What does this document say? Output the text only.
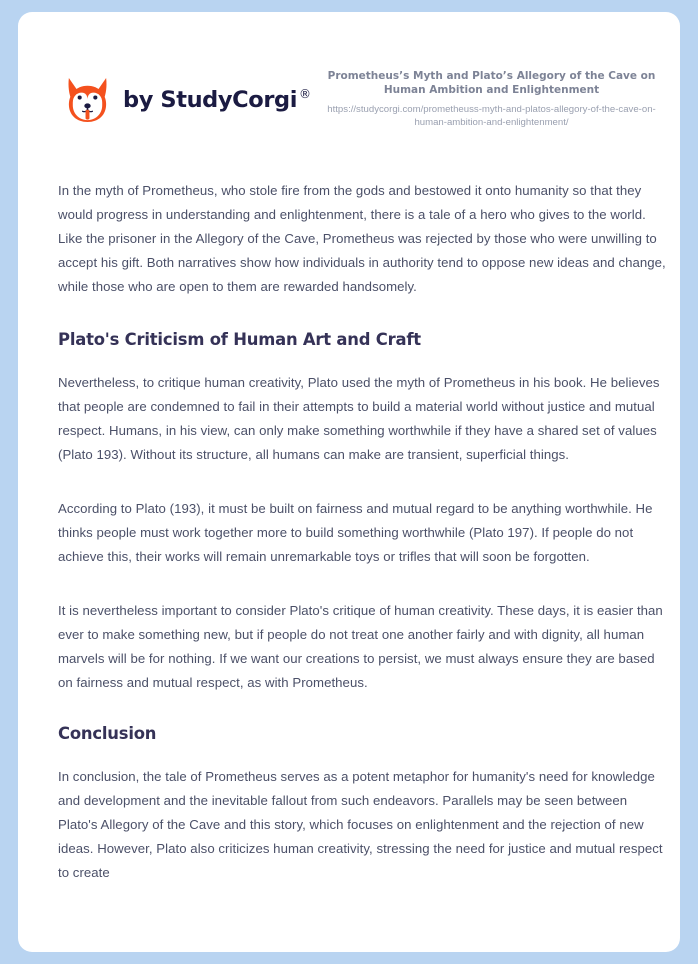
by StudyCorgi ®

Prometheus’s Myth and Plato’s Allegory of the Cave on Human Ambition and Enlightenment

https://studycorgi.com/prometheuss-myth-and-platos-allegory-of-the-cave-on-human-ambition-and-enlightenment/

In the myth of Prometheus, who stole fire from the gods and bestowed it onto humanity so that they would progress in understanding and enlightenment, there is a tale of a hero who gives to the world. Like the prisoner in the Allegory of the Cave, Prometheus was rejected by those who were unwilling to accept his gift. Both narratives show how individuals in authority tend to oppose new ideas and change, while those who are open to them are rewarded handsomely.

Plato's Criticism of Human Art and Craft

Nevertheless, to critique human creativity, Plato used the myth of Prometheus in his book. He believes that people are condemned to fail in their attempts to build a material world without justice and mutual respect. Humans, in his view, can only make something worthwhile if they have a shared set of values (Plato 193). Without its structure, all humans can make are transient, superficial things.

According to Plato (193), it must be built on fairness and mutual regard to be anything worthwhile. He thinks people must work together more to build something worthwhile (Plato 197). If people do not achieve this, their works will remain unremarkable toys or trifles that will soon be forgotten.

It is nevertheless important to consider Plato's critique of human creativity. These days, it is easier than ever to make something new, but if people do not treat one another fairly and with dignity, all human marvels will be for nothing. If we want our creations to persist, we must always ensure they are based on fairness and mutual respect, as with Prometheus.

Conclusion

In conclusion, the tale of Prometheus serves as a potent metaphor for humanity's need for knowledge and development and the inevitable fallout from such endeavors. Parallels may be seen between Plato's Allegory of the Cave and this story, which focuses on enlightenment and the rejection of new ideas. However, Plato also criticizes human creativity, stressing the need for justice and mutual respect to create
